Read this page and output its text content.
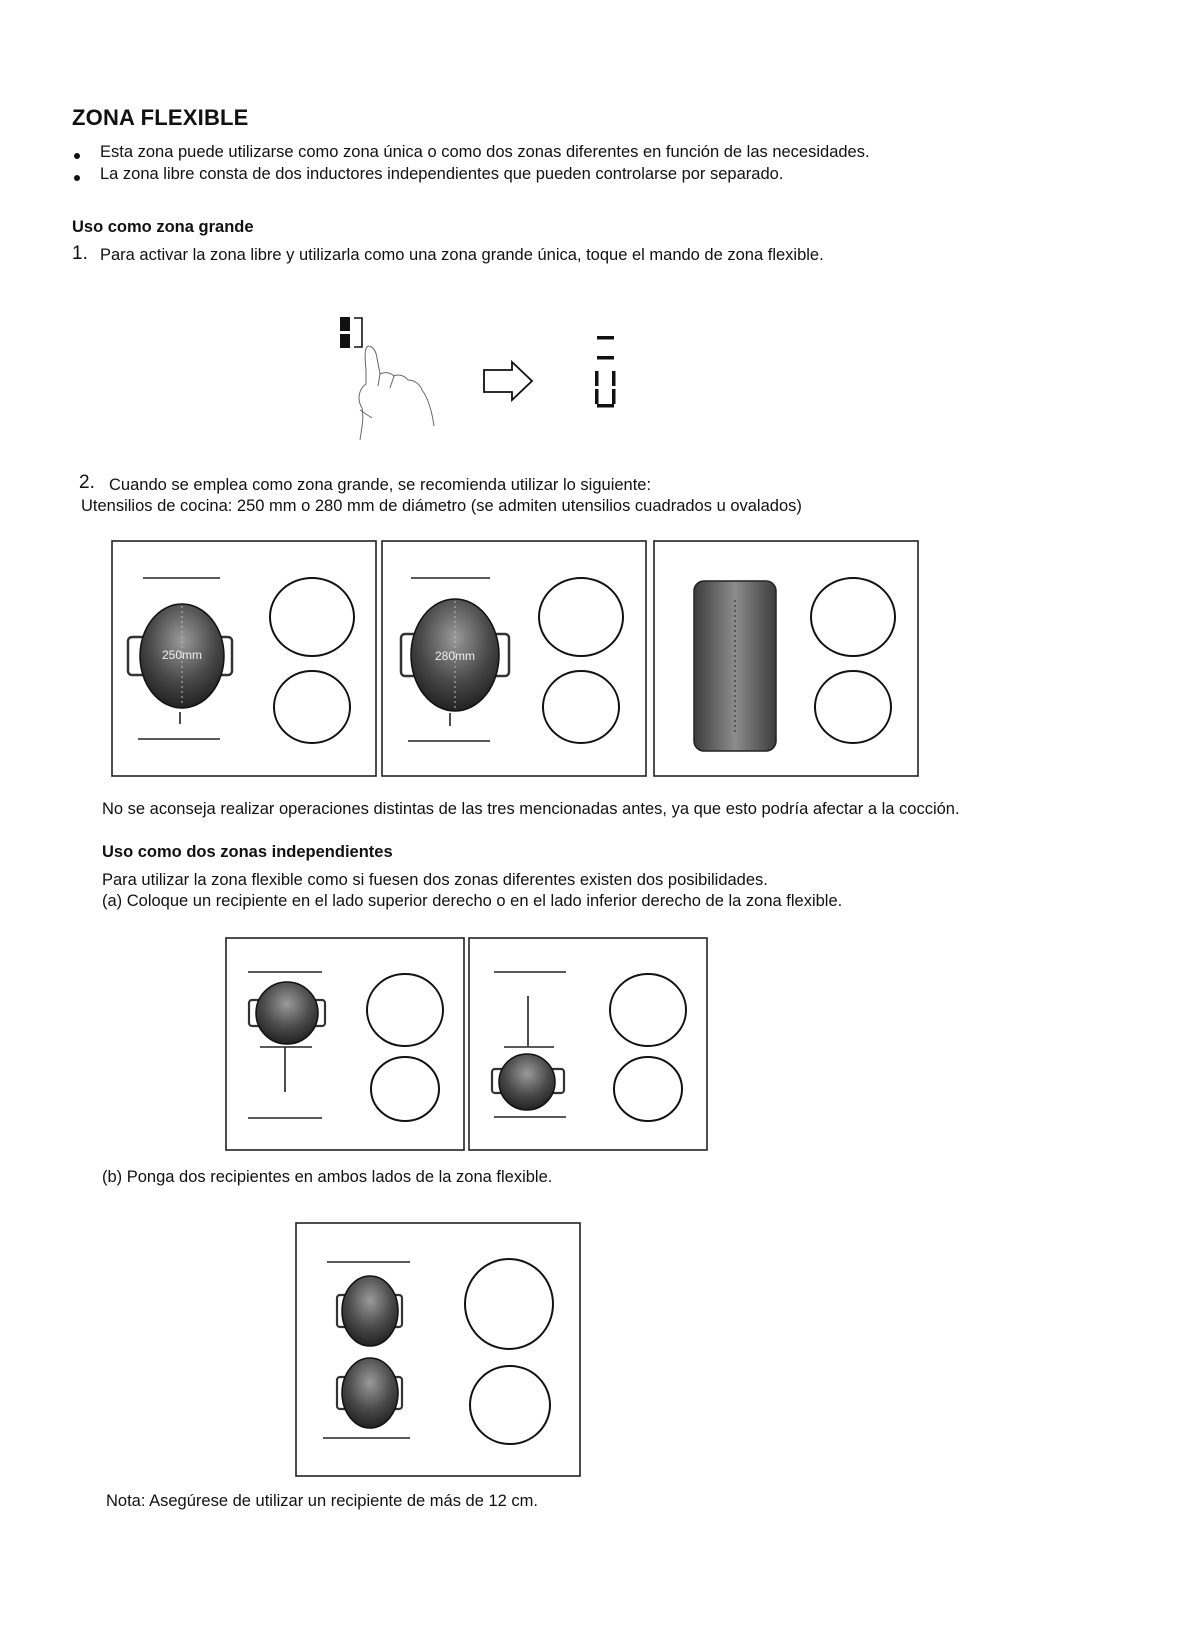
ZONA FLEXIBLE
Esta zona puede utilizarse como zona única o como dos zonas diferentes en función de las necesidades.
La zona libre consta de dos inductores independientes que pueden controlarse por separado.
Uso como zona grande
1. Para activar la zona libre y utilizarla como una zona grande única, toque el mando de zona flexible.
2. Cuando se emplea como zona grande, se recomienda utilizar lo siguiente:
Utensilios de cocina: 250 mm o 280 mm de diámetro (se admiten utensilios cuadrados u ovalados)
250mm	280mm
No se aconseja realizar operaciones distintas de las tres mencionadas antes, ya que esto podría afectar a la cocción.
Uso como dos zonas independientes
Para utilizar la zona flexible como si fuesen dos zonas diferentes existen dos posibilidades.
(a) Coloque un recipiente en el lado superior derecho o en el lado inferior derecho de la zona flexible.
(b) Ponga dos recipientes en ambos lados de la zona flexible.
Nota: Asegúrese de utilizar un recipiente de más de 12 cm.
